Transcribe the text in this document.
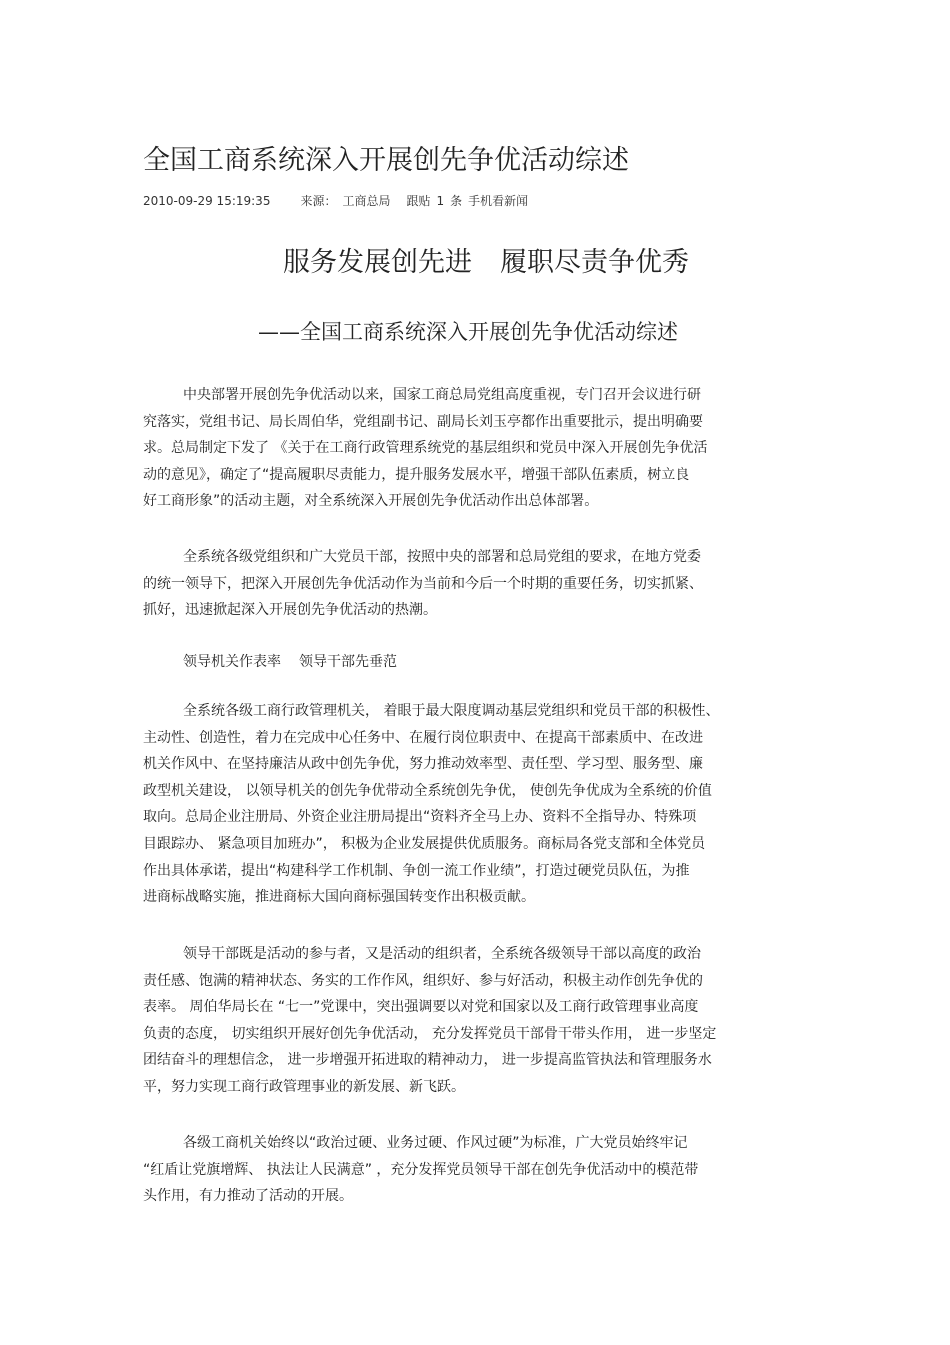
全国工商系统深入开展创先争优活动综述
2010-09-29 15:19:35	来源： 工商总局 跟贴 1 条 手机看新闻
服务发展创先进 履职尽责争优秀
——全国工商系统深入开展创先争优活动综述
中央部署开展创先争优活动以来，国家工商总局党组高度重视，专门召开会议进行研
究落实，党组书记、局长周伯华，党组副书记、副局长刘玉亭都作出重要批示，提出明确要
求。总局制定下发了 《关于在工商行政管理系统党的基层组织和党员中深入开展创先争优活
动的意见》，确定了“提高履职尽责能力，提升服务发展水平，增强干部队伍素质，树立良
好工商形象”的活动主题，对全系统深入开展创先争优活动作出总体部署。
全系统各级党组织和广大党员干部，按照中央的部署和总局党组的要求，在地方党委
的统一领导下，把深入开展创先争优活动作为当前和今后一个时期的重要任务，切实抓紧、
抓好，迅速掀起深入开展创先争优活动的热潮。
领导机关作表率 领导干部先垂范
全系统各级工商行政管理机关， 着眼于最大限度调动基层党组织和党员干部的积极性、
主动性、创造性，着力在完成中心任务中、在履行岗位职责中、在提高干部素质中、在改进
机关作风中、在坚持廉洁从政中创先争优，努力推动效率型、责任型、学习型、服务型、廉
政型机关建设， 以领导机关的创先争优带动全系统创先争优， 使创先争优成为全系统的价值
取向。总局企业注册局、外资企业注册局提出“资料齐全马上办、资料不全指导办、特殊项
目跟踪办、 紧急项目加班办”， 积极为企业发展提供优质服务。商标局各党支部和全体党员
作出具体承诺，提出“构建科学工作机制、争创一流工作业绩”，打造过硬党员队伍，为推
进商标战略实施，推进商标大国向商标强国转变作出积极贡献。
领导干部既是活动的参与者，又是活动的组织者，全系统各级领导干部以高度的政治
责任感、饱满的精神状态、务实的工作作风，组织好、参与好活动，积极主动作创先争优的
表率。 周伯华局长在 “七一”党课中，突出强调要以对党和国家以及工商行政管理事业高度
负责的态度， 切实组织开展好创先争优活动， 充分发挥党员干部骨干带头作用， 进一步坚定
团结奋斗的理想信念， 进一步增强开拓进取的精神动力， 进一步提高监管执法和管理服务水
平，努力实现工商行政管理事业的新发展、新飞跃。
各级工商机关始终以“政治过硬、业务过硬、作风过硬”为标准，广大党员始终牢记
“红盾让党旗增辉、 执法让人民满意” ，充分发挥党员领导干部在创先争优活动中的模范带
头作用，有力推动了活动的开展。
